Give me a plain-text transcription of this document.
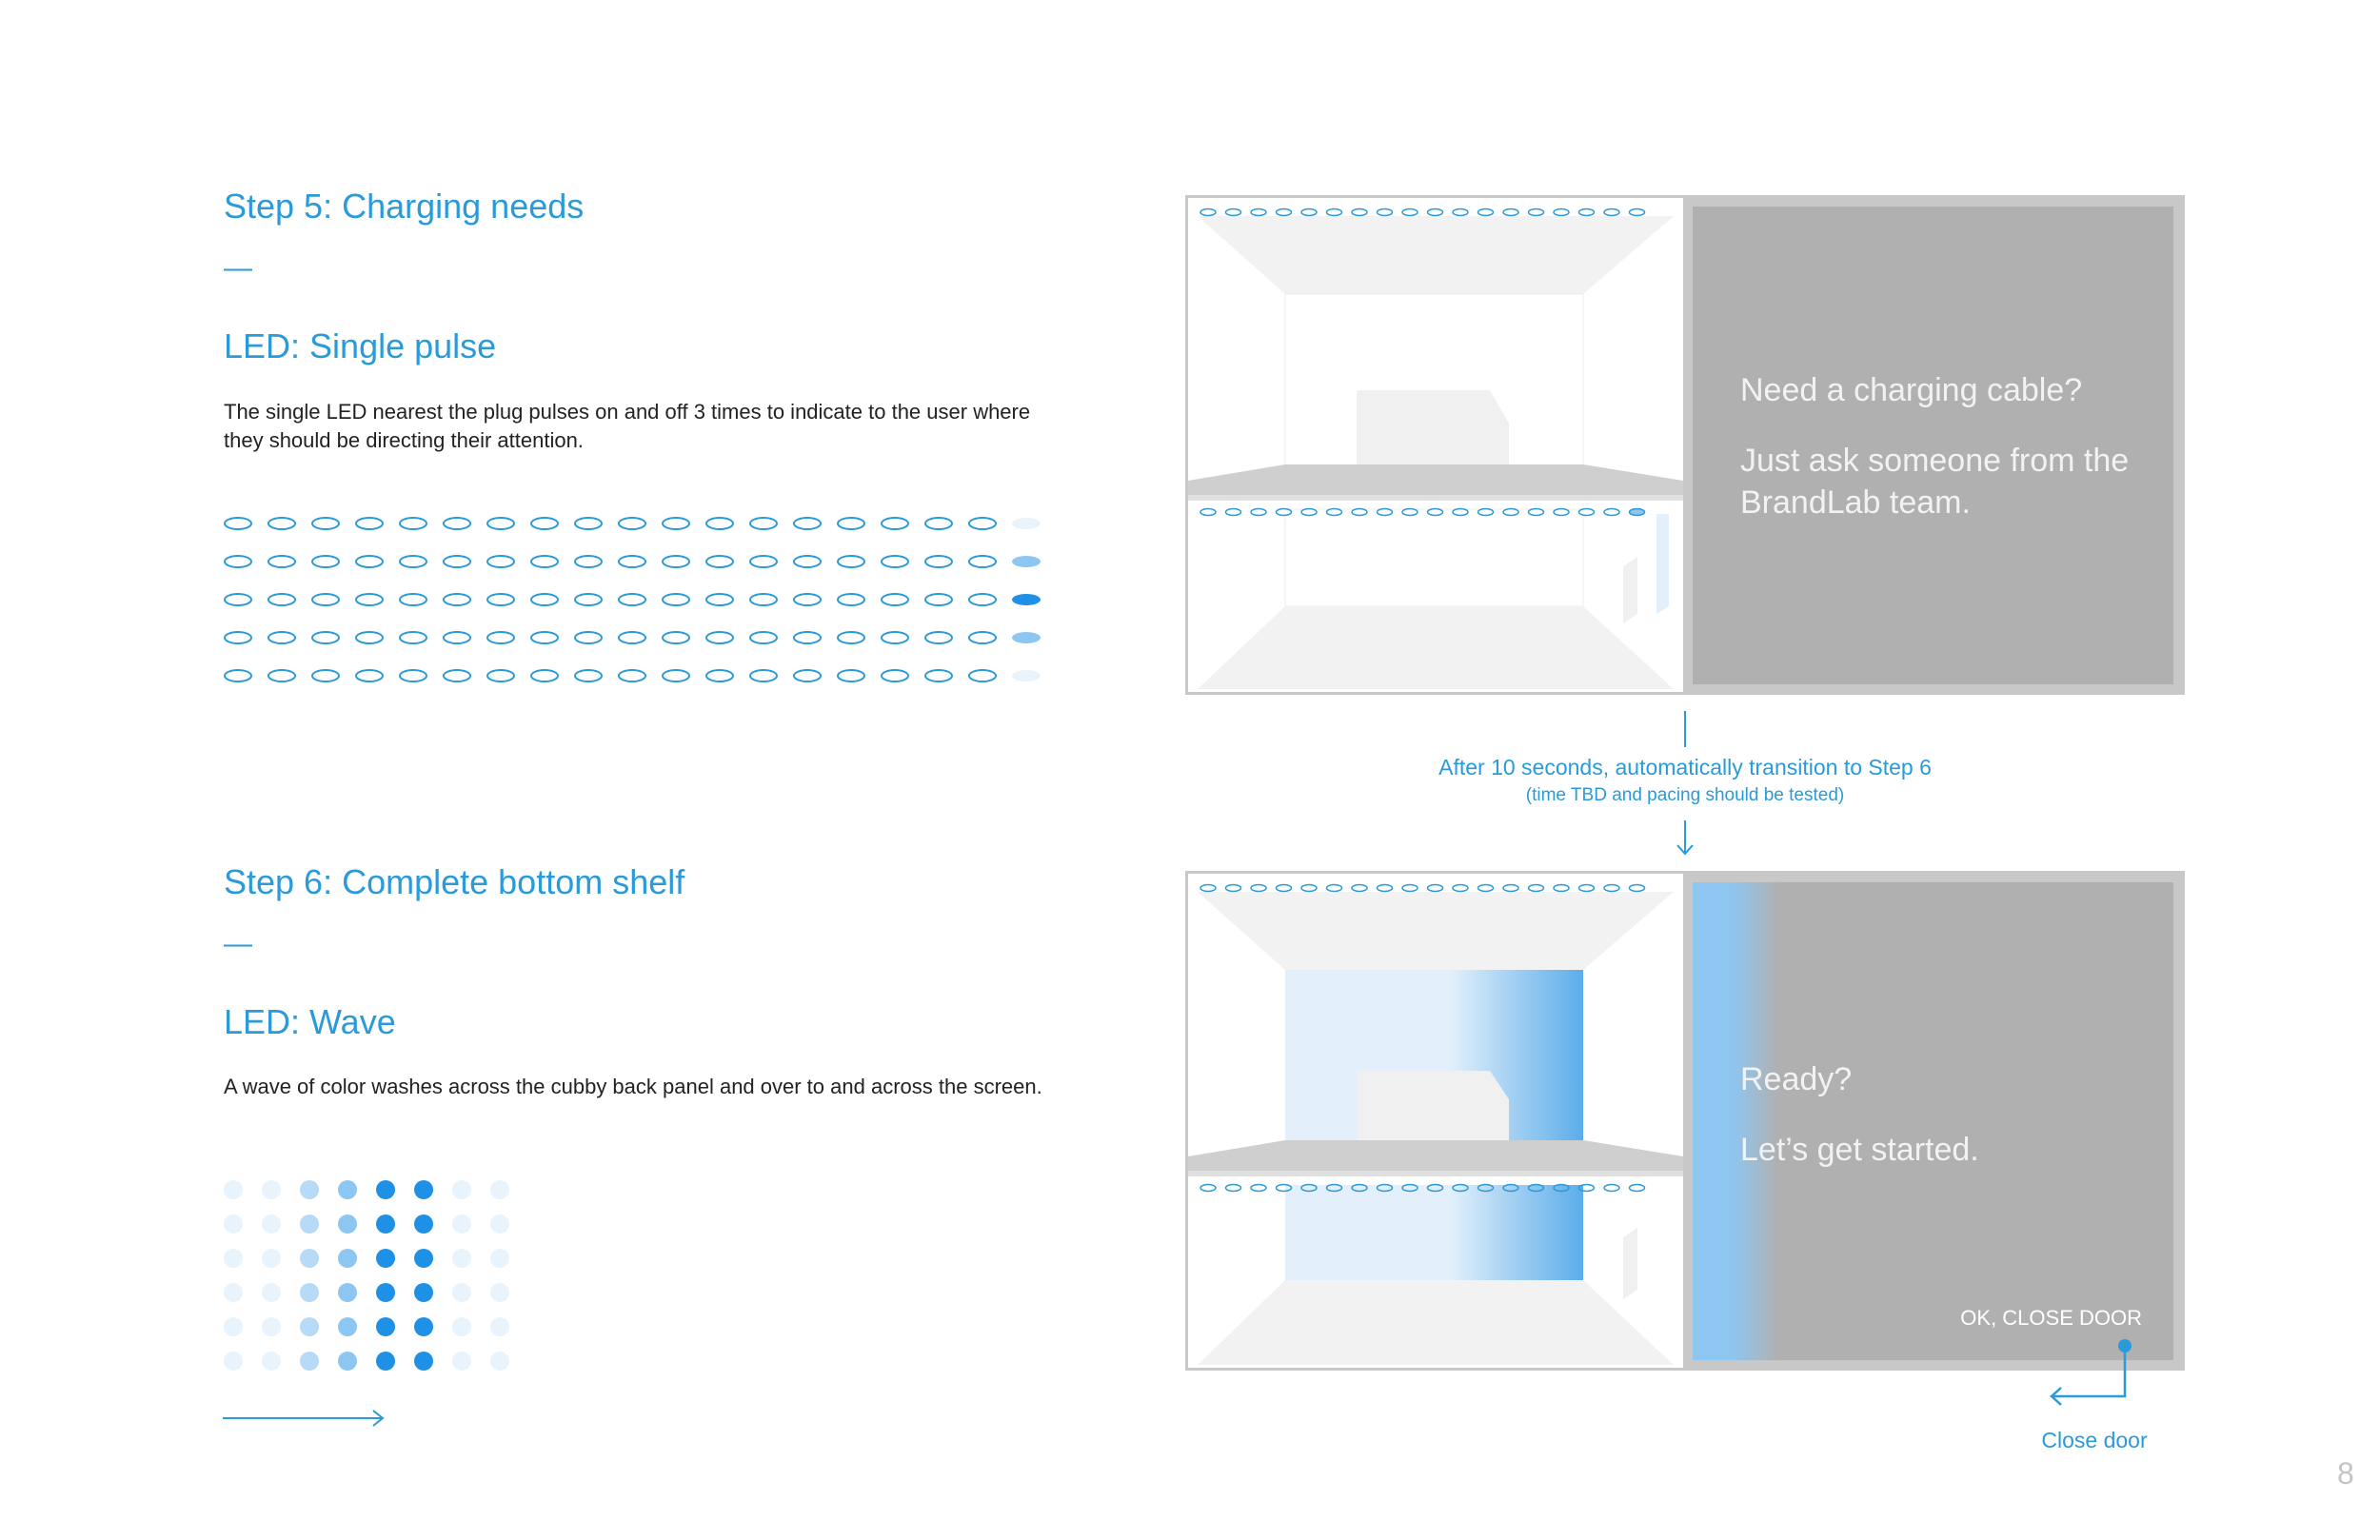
Step 5: Charging needs
—
LED: Single pulse
The single LED nearest the plug pulses on and off 3 times to indicate to the user where they should be directing their attention.
Step 6: Complete bottom shelf
—
LED: Wave
A wave of color washes across the cubby back panel and over to and across the screen.
Need a charging cable?
Just ask someone from the BrandLab team.
After 10 seconds, automatically transition to Step 6
(time TBD and pacing should be tested)
Ready?
Let’s get started.
OK, CLOSE DOOR
Close door
8
